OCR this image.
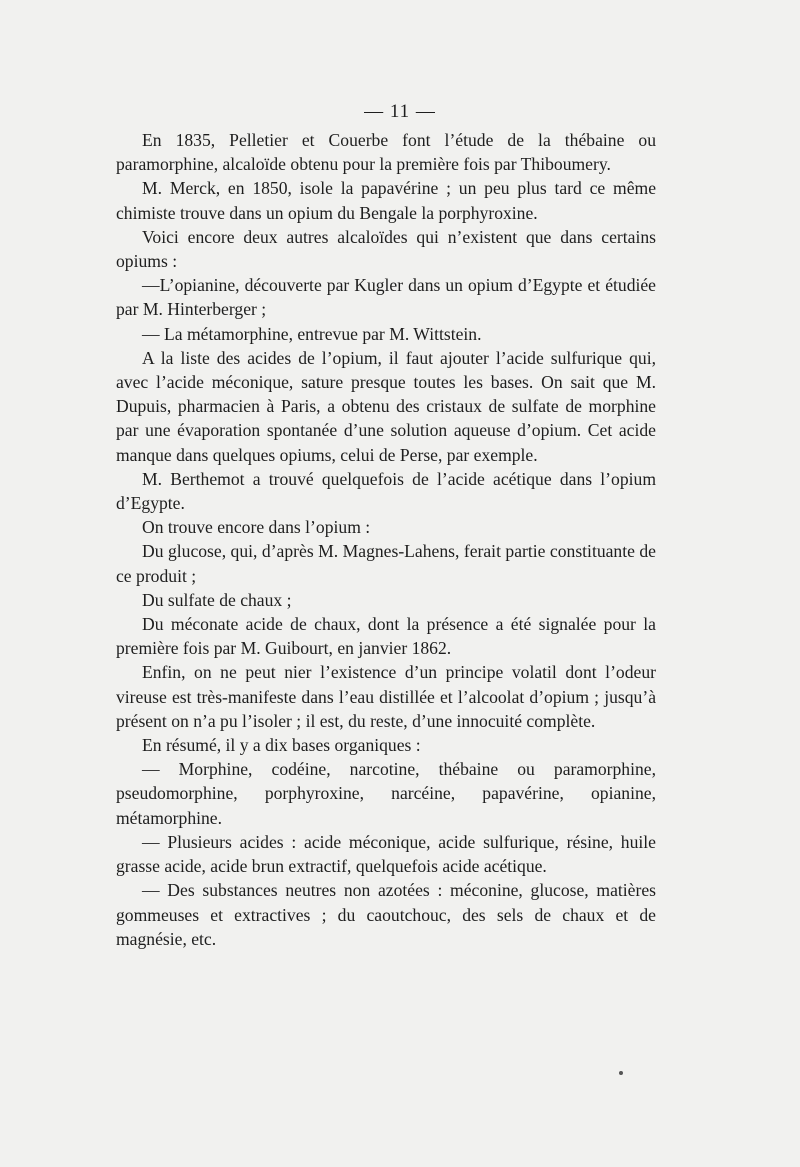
— 11 —

En 1835, Pelletier et Couerbe font l’étude de la thébaine ou paramorphine, alcaloïde obtenu pour la première fois par Thiboumery.

M. Merck, en 1850, isole la papavérine ; un peu plus tard ce même chimiste trouve dans un opium du Bengale la porphyroxine.

Voici encore deux autres alcaloïdes qui n’existent que dans certains opiums :

—L’opianine, découverte par Kugler dans un opium d’Egypte et étudiée par M. Hinterberger ;

— La métamorphine, entrevue par M. Wittstein.

A la liste des acides de l’opium, il faut ajouter l’acide sulfurique qui, avec l’acide méconique, sature presque toutes les bases. On sait que M. Dupuis, pharmacien à Paris, a obtenu des cristaux de sulfate de morphine par une évaporation spontanée d’une solution aqueuse d’opium. Cet acide manque dans quelques opiums, celui de Perse, par exemple.

M. Berthemot a trouvé quelquefois de l’acide acétique dans l’opium d’Egypte.

On trouve encore dans l’opium :

Du glucose, qui, d’après M. Magnes-Lahens, ferait partie constituante de ce produit ;

Du sulfate de chaux ;

Du méconate acide de chaux, dont la présence a été signalée pour la première fois par M. Guibourt, en janvier 1862.

Enfin, on ne peut nier l’existence d’un principe volatil dont l’odeur vireuse est très-manifeste dans l’eau distillée et l’alcoolat d’opium ; jusqu’à présent on n’a pu l’isoler ; il est, du reste, d’une innocuité complète.

En résumé, il y a dix bases organiques :

— Morphine, codéine, narcotine, thébaine ou paramorphine, pseudomorphine, porphyroxine, narcéine, papavérine, opianine, métamorphine.

— Plusieurs acides : acide méconique, acide sulfurique, résine, huile grasse acide, acide brun extractif, quelquefois acide acétique.

— Des substances neutres non azotées : méconine, glucose, matières gommeuses et extractives ; du caoutchouc, des sels de chaux et de magnésie, etc.
